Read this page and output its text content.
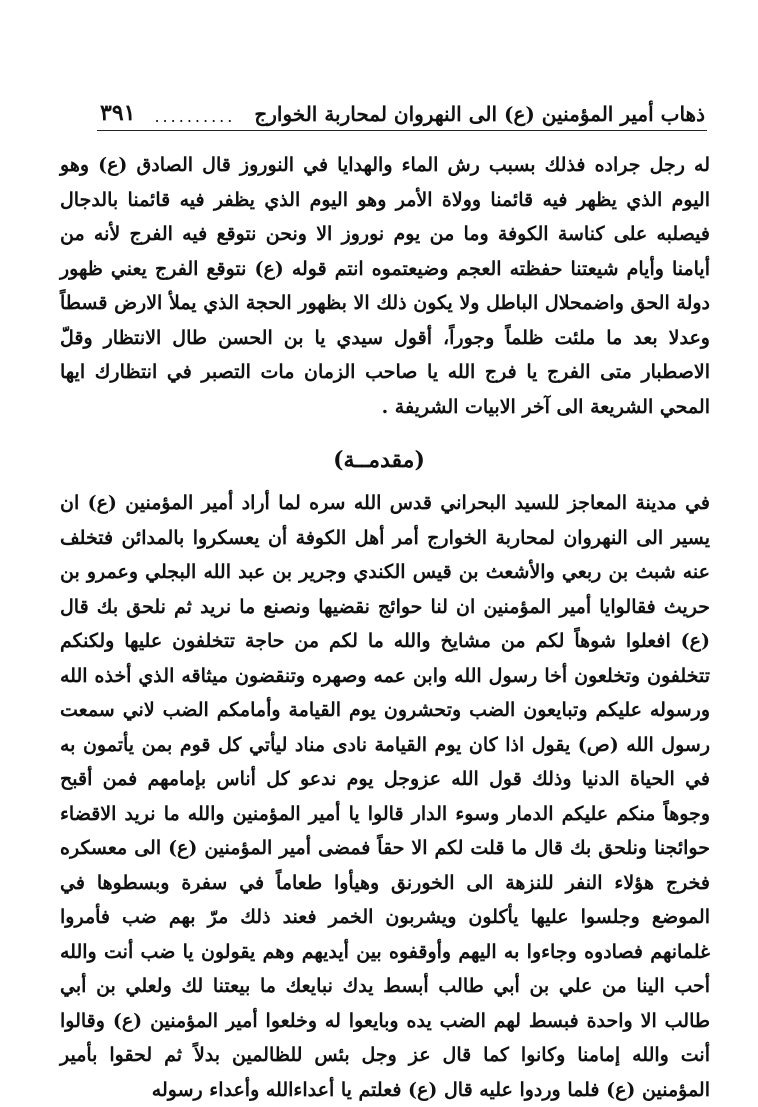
ذهاب أمير المؤمنين (ع) الى النهروان لمحاربة الخوارج
..........
٣٩١

له رجل جراده فذلك بسبب رش الماء والهدايا في النوروز قال الصادق (ع) وهو اليوم الذي يظهر فيه قائمنا وولاة الأمر وهو اليوم الذي يظفر فيه قائمنا بالدجال فيصلبه على كناسة الكوفة وما من يوم نوروز الا ونحن نتوقع فيه الفرج لأنه من أيامنا وأيام شيعتنا حفظته العجم وضيعتموه انتم قوله (ع) نتوقع الفرج يعني ظهور دولة الحق واضمحلال الباطل ولا يكون ذلك الا بظهور الحجة الذي يملأ الارض قسطاً وعدلا بعد ما ملئت ظلماً وجوراً، أقول سيدي يا بن الحسن طال الانتظار وقلّ الاصطبار متى الفرج يا فرج الله يا صاحب الزمان مات التصبر في انتظارك ايها المحي الشريعة الى آخر الابيات الشريفة .

(مقدمــة)

في مدينة المعاجز للسيد البحراني قدس الله سره لما أراد أمير المؤمنين (ع) ان يسير الى النهروان لمحاربة الخوارج أمر أهل الكوفة أن يعسكروا بالمدائن فتخلف عنه شبث بن ربعي والأشعث بن قيس الكندي وجرير بن عبد الله البجلي وعمرو بن حريث فقالوايا أمير المؤمنين ان لنا حوائج نقضيها ونصنع ما نريد ثم نلحق بك قال (ع) افعلوا شوهاً لكم من مشايخ والله ما لكم من حاجة تتخلفون عليها ولكنكم تتخلفون وتخلعون أخا رسول الله وابن عمه وصهره وتنقضون ميثاقه الذي أخذه الله ورسوله عليكم وتبايعون الضب وتحشرون يوم القيامة وأمامكم الضب لاني سمعت رسول الله (ص) يقول اذا كان يوم القيامة نادى مناد ليأتي كل قوم بمن يأتمون به في الحياة الدنيا وذلك قول الله عزوجل يوم ندعو كل أناس بإمامهم فمن أقبح وجوهاً منكم عليكم الدمار وسوء الدار قالوا يا أمير المؤمنين والله ما نريد الاقضاء حوائجنا ونلحق بك قال ما قلت لكم الا حقاً فمضى أمير المؤمنين (ع) الى معسكره فخرج هؤلاء النفر للنزهة الى الخورنق وهيأوا طعاماً في سفرة وبسطوها في الموضع وجلسوا عليها يأكلون ويشربون الخمر فعند ذلك مرّ بهم ضب فأمروا غلمانهم فصادوه وجاءوا به اليهم وأوقفوه بين أيديهم وهم يقولون يا ضب أنت والله أحب الينا من علي بن أبي طالب أبسط يدك نبايعك ما بيعتنا لك ولعلي بن أبي طالب الا واحدة فبسط لهم الضب يده وبايعوا له وخلعوا أمير المؤمنين (ع) وقالوا أنت والله إمامنا وكانوا كما قال عز وجل بئس للظالمين بدلاً ثم لحقوا بأمير المؤمنين (ع) فلما وردوا عليه قال (ع) فعلتم يا أعداءالله وأعداء رسوله
